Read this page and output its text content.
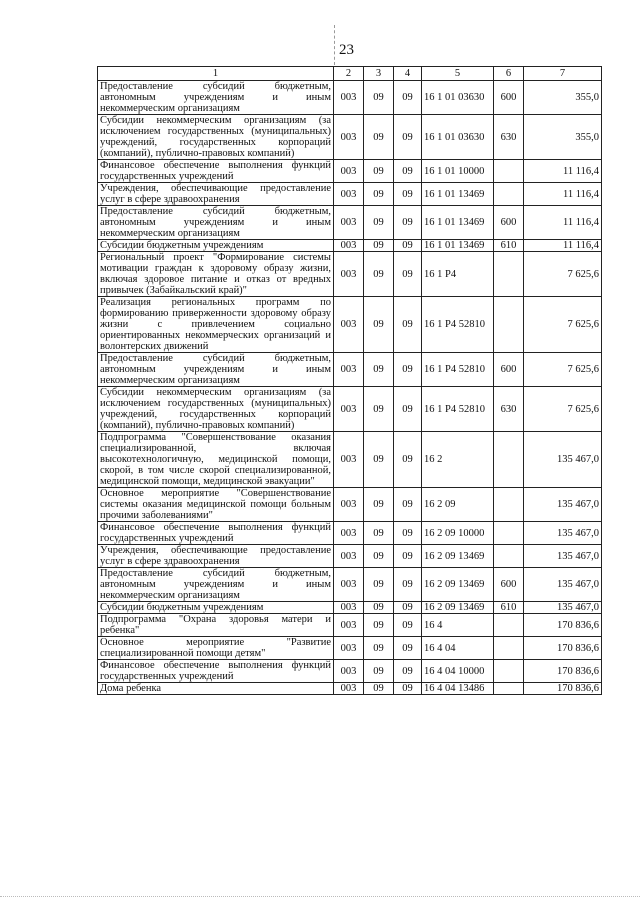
23
1	2	3	4	5	6	7
Предоставление субсидий бюджетным, автономным учреждениям и иным некоммерческим организациям	003	09	09	16 1 01 03630	600	355,0
Субсидии некоммерческим организациям (за исключением государственных (муниципальных) учреждений, государственных корпораций (компаний), публично-правовых компаний)	003	09	09	16 1 01 03630	630	355,0
Финансовое обеспечение выполнения функций государственных учреждений	003	09	09	16 1 01 10000		11 116,4
Учреждения, обеспечивающие предоставление услуг в сфере здравоохранения	003	09	09	16 1 01 13469		11 116,4
Предоставление субсидий бюджетным, автономным учреждениям и иным некоммерческим организациям	003	09	09	16 1 01 13469	600	11 116,4
Субсидии бюджетным учреждениям	003	09	09	16 1 01 13469	610	11 116,4
Региональный проект "Формирование системы мотивации граждан к здоровому образу жизни, включая здоровое питание и отказ от вредных привычек (Забайкальский край)"	003	09	09	16 1 P4		7 625,6
Реализация региональных программ по формированию приверженности здоровому образу жизни с привлечением социально ориентированных некоммерческих организаций и волонтерских движений	003	09	09	16 1 P4 52810		7 625,6
Предоставление субсидий бюджетным, автономным учреждениям и иным некоммерческим организациям	003	09	09	16 1 P4 52810	600	7 625,6
Субсидии некоммерческим организациям (за исключением государственных (муниципальных) учреждений, государственных корпораций (компаний), публично-правовых компаний)	003	09	09	16 1 P4 52810	630	7 625,6
Подпрограмма "Совершенствование оказания специализированной, включая высокотехнологичную, медицинской помощи, скорой, в том числе скорой специализированной, медицинской помощи, медицинской эвакуации"	003	09	09	16 2		135 467,0
Основное мероприятие "Совершенствование системы оказания медицинской помощи больным прочими заболеваниями"	003	09	09	16 2 09		135 467,0
Финансовое обеспечение выполнения функций государственных учреждений	003	09	09	16 2 09 10000		135 467,0
Учреждения, обеспечивающие предоставление услуг в сфере здравоохранения	003	09	09	16 2 09 13469		135 467,0
Предоставление субсидий бюджетным, автономным учреждениям и иным некоммерческим организациям	003	09	09	16 2 09 13469	600	135 467,0
Субсидии бюджетным учреждениям	003	09	09	16 2 09 13469	610	135 467,0
Подпрограмма "Охрана здоровья матери и ребенка"	003	09	09	16 4		170 836,6
Основное мероприятие "Развитие специализированной помощи детям"	003	09	09	16 4 04		170 836,6
Финансовое обеспечение выполнения функций государственных учреждений	003	09	09	16 4 04 10000		170 836,6
Дома ребенка	003	09	09	16 4 04 13486		170 836,6
